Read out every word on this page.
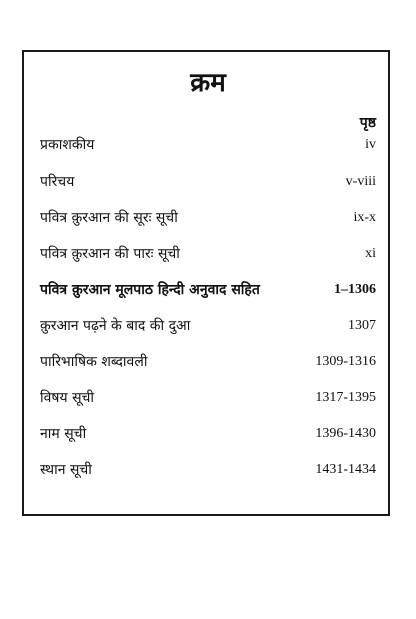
क्रम
पृष्ठ
प्रकाशकीय	iv
परिचय	v-viii
पवित्र क़ुरआन की सूरः सूची	ix-x
पवित्र क़ुरआन की पारः सूची	xi
पवित्र क़ुरआन मूलपाठ हिन्दी अनुवाद सहित	1–1306
क़ुरआन पढ़ने के बाद की दुआ	1307
पारिभाषिक शब्दावली	1309-1316
विषय सूची	1317-1395
नाम सूची	1396-1430
स्थान सूची	1431-1434
